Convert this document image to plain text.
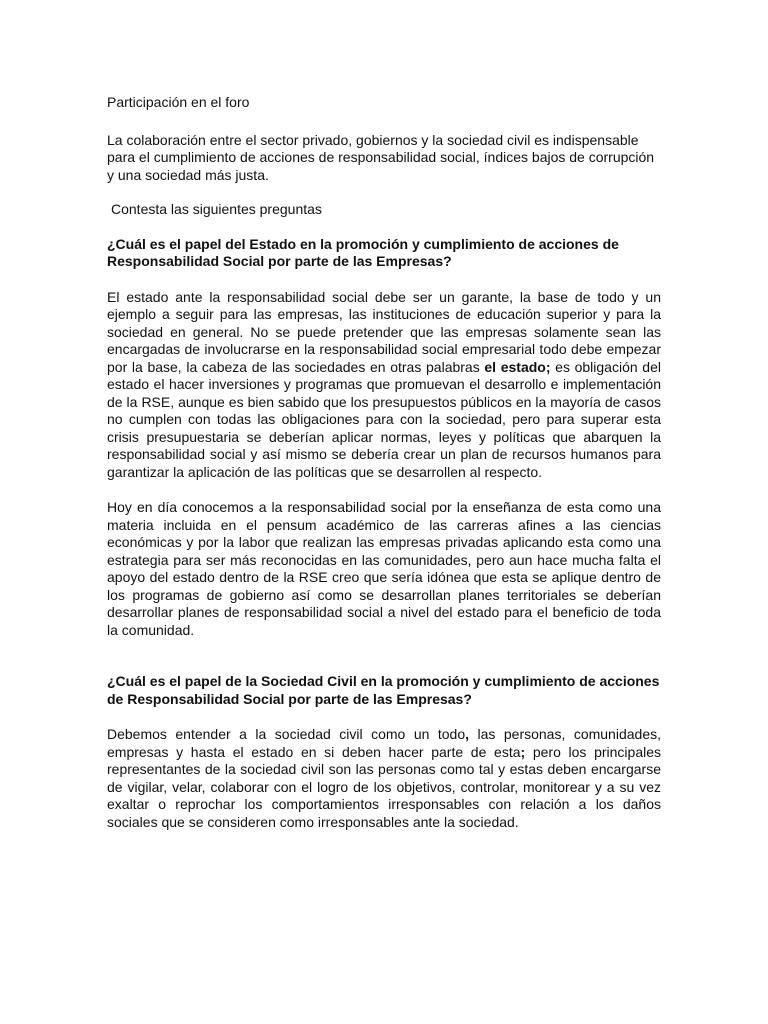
Participación en el foro

La colaboración entre el sector privado, gobiernos y la sociedad civil es indispensable para el cumplimiento de acciones de responsabilidad social, índices bajos de corrupción y una sociedad más justa.

Contesta las siguientes preguntas

¿Cuál es el papel del Estado en la promoción y cumplimiento de acciones de Responsabilidad Social por parte de las Empresas?

El estado ante la responsabilidad social debe ser un garante, la base de todo y un ejemplo a seguir para las empresas, las instituciones de educación superior y para la sociedad en general. No se puede pretender que las empresas solamente sean las encargadas de involucrarse en la responsabilidad social empresarial todo debe empezar por la base, la cabeza de las sociedades en otras palabras el estado; es obligación del estado el hacer inversiones y programas que promuevan el desarrollo e implementación de la RSE, aunque es bien sabido que los presupuestos públicos en la mayoría de casos no cumplen con todas las obligaciones para con la sociedad, pero para superar esta crisis presupuestaria se deberían aplicar normas, leyes y políticas que abarquen la responsabilidad social y así mismo se debería crear un plan de recursos humanos para garantizar la aplicación de las políticas que se desarrollen al respecto.

Hoy en día conocemos a la responsabilidad social por la enseñanza de esta como una materia incluida en el pensum académico de las carreras afines a las ciencias económicas y por la labor que realizan las empresas privadas aplicando esta como una estrategia para ser más reconocidas en las comunidades, pero aun hace mucha falta el apoyo del estado dentro de la RSE creo que sería idónea que esta se aplique dentro de los programas de gobierno así como se desarrollan planes territoriales se deberían desarrollar planes de responsabilidad social a nivel del estado para el beneficio de toda la comunidad.

¿Cuál es el papel de la Sociedad Civil en la promoción y cumplimiento de acciones de Responsabilidad Social por parte de las Empresas?

Debemos entender a la sociedad civil como un todo, las personas, comunidades, empresas y hasta el estado en si deben hacer parte de esta; pero los principales representantes de la sociedad civil son las personas como tal y estas deben encargarse de vigilar, velar, colaborar con el logro de los objetivos, controlar, monitorear y a su vez exaltar o reprochar los comportamientos irresponsables con relación a los daños sociales que se consideren como irresponsables ante la sociedad.
